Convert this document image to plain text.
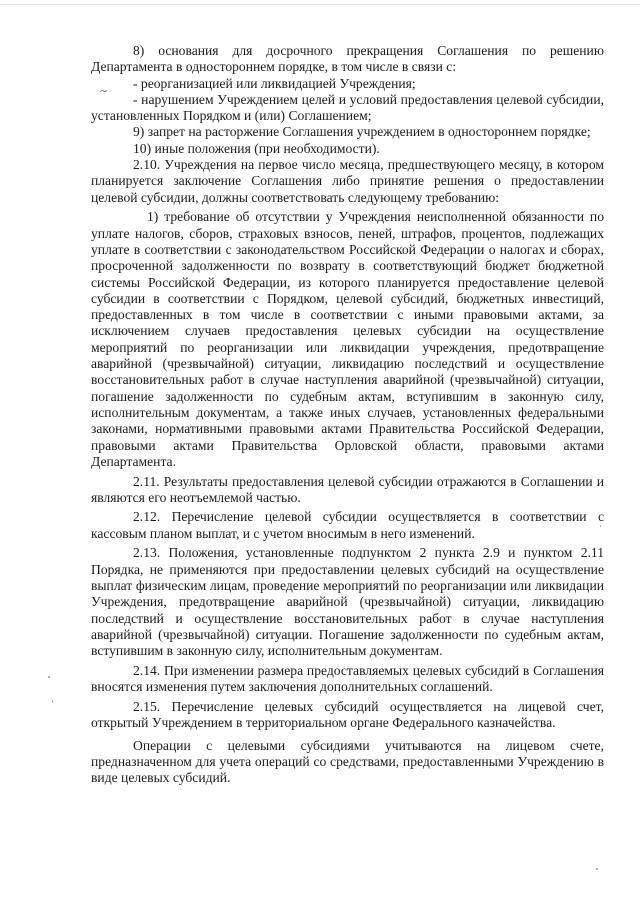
~

8) основания для досрочного прекращения Соглашения по решению Департамента в одностороннем порядке, в том числе в связи с:

- реорганизацией или ликвидацией Учреждения;

- нарушением Учреждением целей и условий предоставления целевой субсидии, установленных Порядком и (или) Соглашением;

9) запрет на расторжение Соглашения учреждением в одностороннем порядке;

10) иные положения (при необходимости).

2.10. Учреждения на первое число месяца, предшествующего месяцу, в котором планируется заключение Соглашения либо принятие решения о предоставлении целевой субсидии, должны соответствовать следующему требованию:

1) требование об отсутствии у Учреждения неисполненной обязанности по уплате налогов, сборов, страховых взносов, пеней, штрафов, процентов, подлежащих уплате в соответствии с законодательством Российской Федерации о налогах и сборах, просроченной задолженности по возврату в соответствующий бюджет бюджетной системы Российской Федерации, из которого планируется предоставление целевой субсидии в соответствии с Порядком, целевой субсидий, бюджетных инвестиций, предоставленных в том числе в соответствии с иными правовыми актами, за исключением случаев предоставления целевых субсидии на осуществление мероприятий по реорганизации или ликвидации учреждения, предотвращение аварийной (чрезвычайной) ситуации, ликвидацию последствий и осуществление восстановительных работ в случае наступления аварийной (чрезвычайной) ситуации, погашение задолженности по судебным актам, вступившим в законную силу, исполнительным документам, а также иных случаев, установленных федеральными законами, нормативными правовыми актами Правительства Российской Федерации, правовыми актами Правительства Орловской области, правовыми актами Департамента.

2.11. Результаты предоставления целевой субсидии отражаются в Соглашении и являются его неотъемлемой частью.

2.12. Перечисление целевой субсидии осуществляется в соответствии с кассовым планом выплат, и с учетом вносимым в него изменений.

2.13. Положения, установленные подпунктом 2 пункта 2.9 и пунктом 2.11 Порядка, не применяются при предоставлении целевых субсидий на осуществление выплат физическим лицам, проведение мероприятий по реорганизации или ликвидации Учреждения, предотвращение аварийной (чрезвычайной) ситуации, ликвидацию последствий и осуществление восстановительных работ в случае наступления аварийной (чрезвычайной) ситуации. Погашение задолженности по судебным актам, вступившим в законную силу, исполнительным документам.

2.14. При изменении размера предоставляемых целевых субсидий в Соглашения вносятся изменения путем заключения дополнительных соглашений.

2.15. Перечисление целевых субсидий осуществляется на лицевой счет, открытый Учреждением в территориальном органе Федерального казначейства.

Операции с целевыми субсидиями учитываются на лицевом счете, предназначенном для учета операций со средствами, предоставленными Учреждению в виде целевых субсидий.
